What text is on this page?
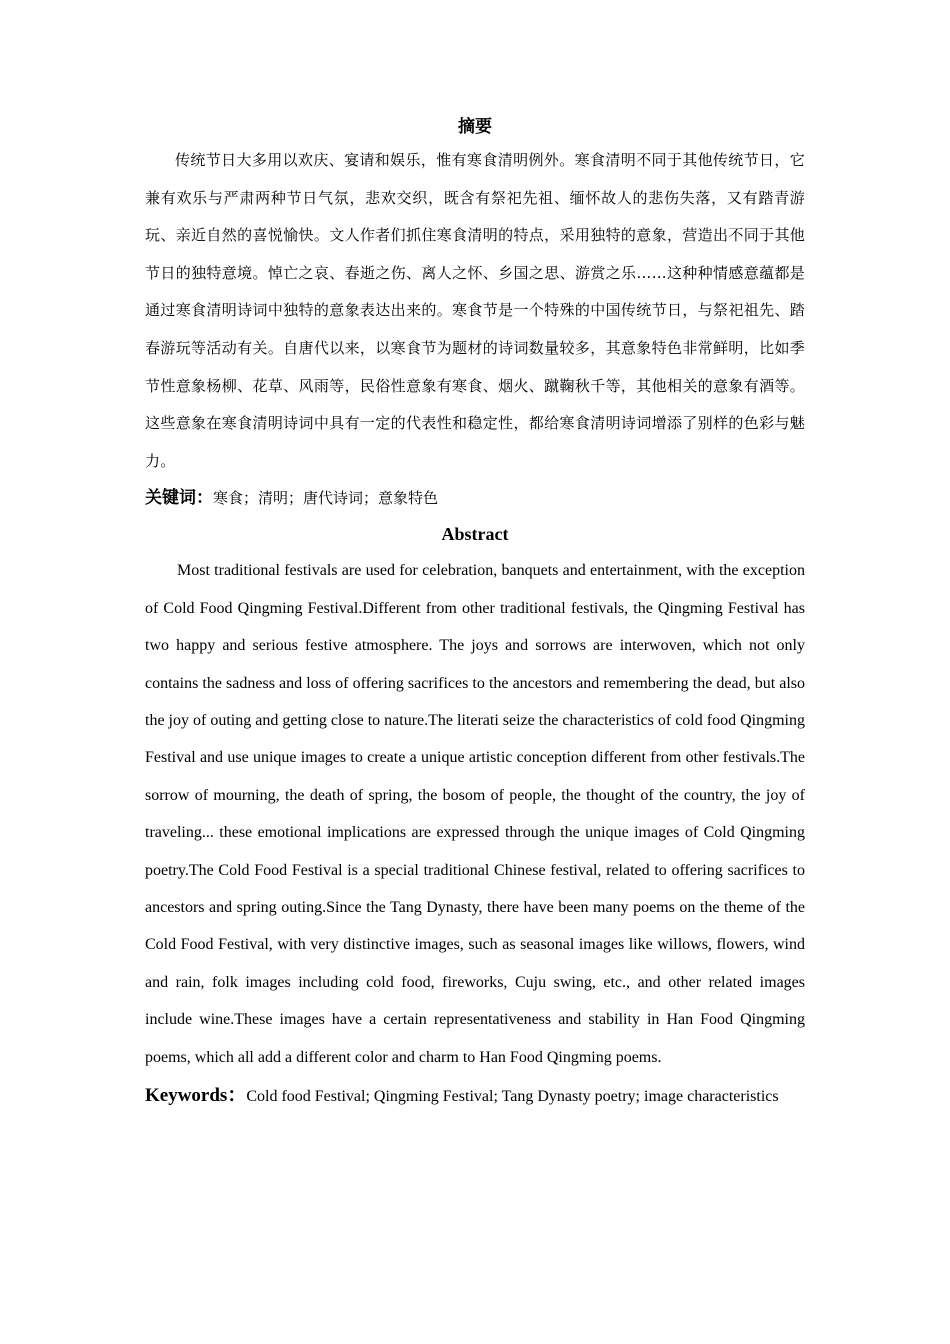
摘要

传统节日大多用以欢庆、宴请和娱乐，惟有寒食清明例外。寒食清明不同于其他传统节日，它兼有欢乐与严肃两种节日气氛，悲欢交织，既含有祭祀先祖、缅怀故人的悲伤失落，又有踏青游玩、亲近自然的喜悦愉快。文人作者们抓住寒食清明的特点，采用独特的意象，营造出不同于其他节日的独特意境。悼亡之哀、春逝之伤、离人之怀、乡国之思、游赏之乐……这种种情感意蕴都是通过寒食清明诗词中独特的意象表达出来的。寒食节是一个特殊的中国传统节日，与祭祀祖先、踏春游玩等活动有关。自唐代以来，以寒食节为题材的诗词数量较多，其意象特色非常鲜明，比如季节性意象杨柳、花草、风雨等，民俗性意象有寒食、烟火、蹴鞠秋千等，其他相关的意象有酒等。这些意象在寒食清明诗词中具有一定的代表性和稳定性，都给寒食清明诗词增添了别样的色彩与魅力。

关键词：寒食；清明；唐代诗词；意象特色

Abstract

Most traditional festivals are used for celebration, banquets and entertainment, with the exception of Cold Food Qingming Festival.Different from other traditional festivals, the Qingming Festival has two happy and serious festive atmosphere. The joys and sorrows are interwoven, which not only contains the sadness and loss of offering sacrifices to the ancestors and remembering the dead, but also the joy of outing and getting close to nature.The literati seize the characteristics of cold food Qingming Festival and use unique images to create a unique artistic conception different from other festivals.The sorrow of mourning, the death of spring, the bosom of people, the thought of the country, the joy of traveling... these emotional implications are expressed through the unique images of Cold Qingming poetry.The Cold Food Festival is a special traditional Chinese festival, related to offering sacrifices to ancestors and spring outing.Since the Tang Dynasty, there have been many poems on the theme of the Cold Food Festival, with very distinctive images, such as seasonal images like willows, flowers, wind and rain, folk images including cold food, fireworks, Cuju swing, etc., and other related images include wine.These images have a certain representativeness and stability in Han Food Qingming poems, which all add a different color and charm to Han Food Qingming poems.

Keywords：Cold food Festival; Qingming Festival; Tang Dynasty poetry; image characteristics
